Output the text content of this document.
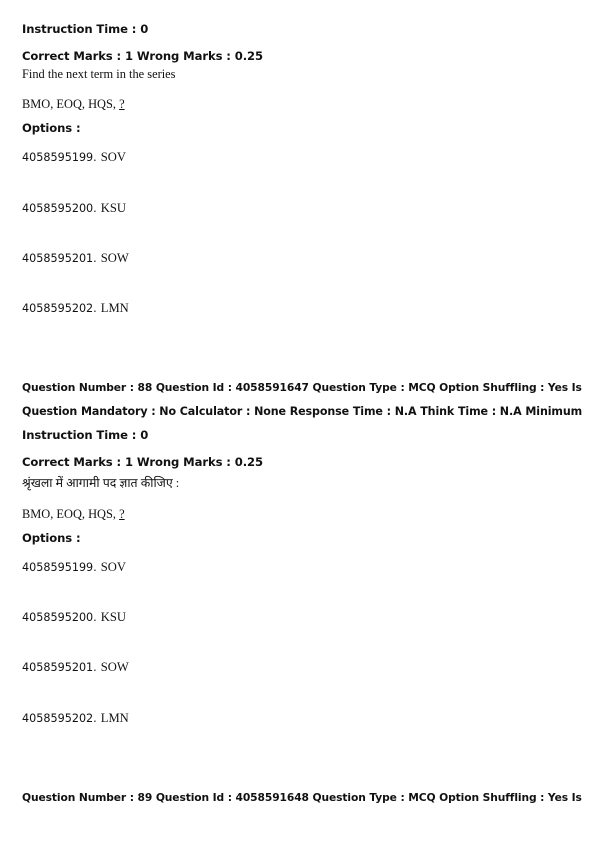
Instruction Time : 0
Correct Marks : 1 Wrong Marks : 0.25
Find the next term in the series
BMO, EOQ, HQS, ?
Options :
4058595199. SOV
4058595200. KSU
4058595201. SOW
4058595202. LMN
Question Number : 88 Question Id : 4058591647 Question Type : MCQ Option Shuffling : Yes Is
Question Mandatory : No Calculator : None Response Time : N.A Think Time : N.A Minimum
Instruction Time : 0
Correct Marks : 1 Wrong Marks : 0.25
श्रृंखला में आगामी पद ज्ञात कीजिए :
BMO, EOQ, HQS, ?
Options :
4058595199. SOV
4058595200. KSU
4058595201. SOW
4058595202. LMN
Question Number : 89 Question Id : 4058591648 Question Type : MCQ Option Shuffling : Yes Is
